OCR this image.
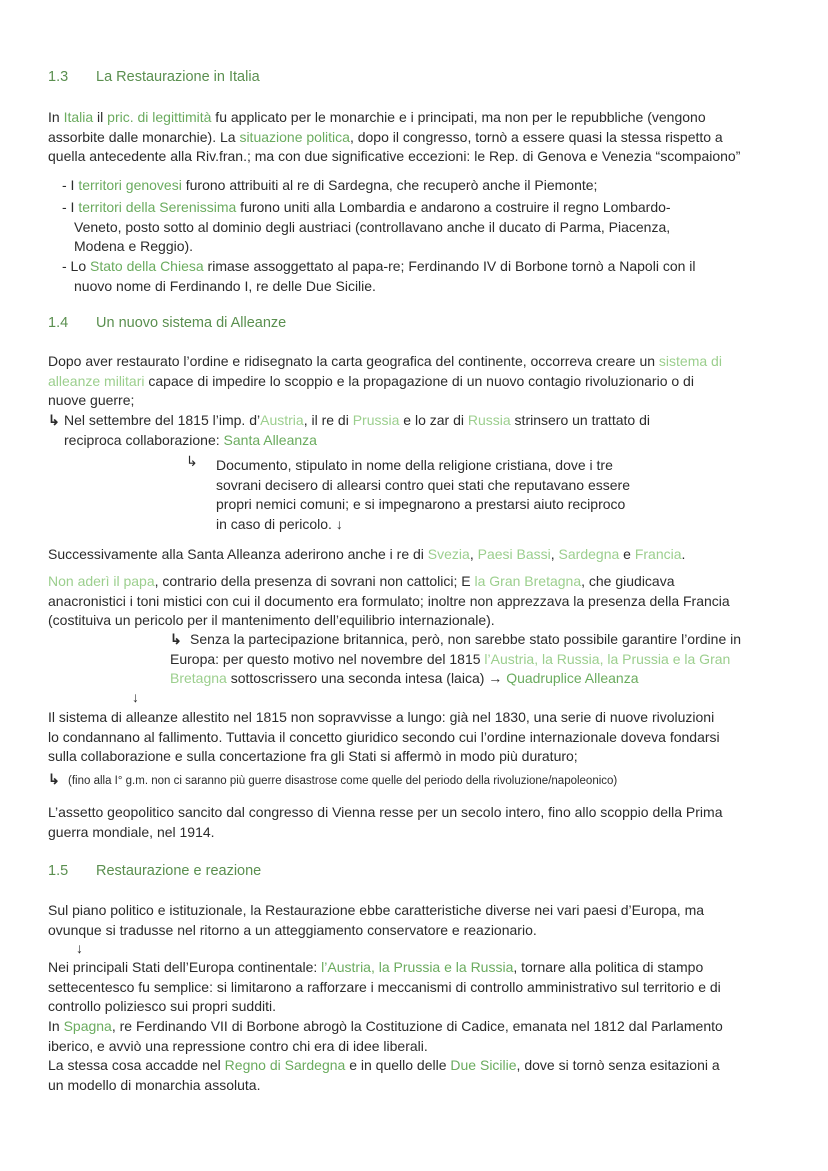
1.3 La Restaurazione in Italia
In Italia il pric. di legittimità fu applicato per le monarchie e i principati, ma non per le repubbliche (vengono
assorbite dalle monarchie). La situazione politica, dopo il congresso, tornò a essere quasi la stessa rispetto a
quella antecedente alla Riv.fran.; ma con due significative eccezioni: le Rep. di Genova e Venezia “scompaiono”
- I territori genovesi furono attribuiti al re di Sardegna, che recuperò anche il Piemonte;
- I territori della Serenissima furono uniti alla Lombardia e andarono a costruire il regno Lombardo-
Veneto, posto sotto al dominio degli austriaci (controllavano anche il ducato di Parma, Piacenza,
Modena e Reggio).
- Lo Stato della Chiesa rimase assoggettato al papa-re; Ferdinando IV di Borbone tornò a Napoli con il
nuovo nome di Ferdinando I, re delle Due Sicilie.
1.4 Un nuovo sistema di Alleanze
Dopo aver restaurato l’ordine e ridisegnato la carta geografica del continente, occorreva creare un sistema di
alleanze militari capace di impedire lo scoppio e la propagazione di un nuovo contagio rivoluzionario o di
nuove guerre;
↳ Nel settembre del 1815 l’imp. d’Austria, il re di Prussia e lo zar di Russia strinsero un trattato di
reciproca collaborazione: Santa Alleanza
↳ Documento, stipulato in nome della religione cristiana, dove i tre
sovrani decisero di allearsi contro quei stati che reputavano essere
propri nemici comuni; e si impegnarono a prestarsi aiuto reciproco
in caso di pericolo. ↓
Successivamente alla Santa Alleanza aderirono anche i re di Svezia, Paesi Bassi, Sardegna e Francia.
Non aderì il papa, contrario della presenza di sovrani non cattolici; E la Gran Bretagna, che giudicava
anacronistici i toni mistici con cui il documento era formulato; inoltre non apprezzava la presenza della Francia
(costituiva un pericolo per il mantenimento dell’equilibrio internazionale).
↳ Senza la partecipazione britannica, però, non sarebbe stato possibile garantire l’ordine in
Europa: per questo motivo nel novembre del 1815 l’Austria, la Russia, la Prussia e la Gran
Bretagna sottoscrissero una seconda intesa (laica) → Quadruplice Alleanza
↓
Il sistema di alleanze allestito nel 1815 non sopravvisse a lungo: già nel 1830, una serie di nuove rivoluzioni
lo condannano al fallimento. Tuttavia il concetto giuridico secondo cui l’ordine internazionale doveva fondarsi
sulla collaborazione e sulla concertazione fra gli Stati si affermò in modo più duraturo;
↳ (fino alla I° g.m. non ci saranno più guerre disastrose come quelle del periodo della rivoluzione/napoleonico)
L’assetto geopolitico sancito dal congresso di Vienna resse per un secolo intero, fino allo scoppio della Prima
guerra mondiale, nel 1914.
1.5 Restaurazione e reazione
Sul piano politico e istituzionale, la Restaurazione ebbe caratteristiche diverse nei vari paesi d’Europa, ma
ovunque si tradusse nel ritorno a un atteggiamento conservatore e reazionario.
↓
Nei principali Stati dell’Europa continentale: l’Austria, la Prussia e la Russia, tornare alla politica di stampo
settecentesco fu semplice: si limitarono a rafforzare i meccanismi di controllo amministrativo sul territorio e di
controllo poliziesco sui propri sudditi.
In Spagna, re Ferdinando VII di Borbone abrogò la Costituzione di Cadice, emanata nel 1812 dal Parlamento
iberico, e avviò una repressione contro chi era di idee liberali.
La stessa cosa accadde nel Regno di Sardegna e in quello delle Due Sicilie, dove si tornò senza esitazioni a
un modello di monarchia assoluta.
